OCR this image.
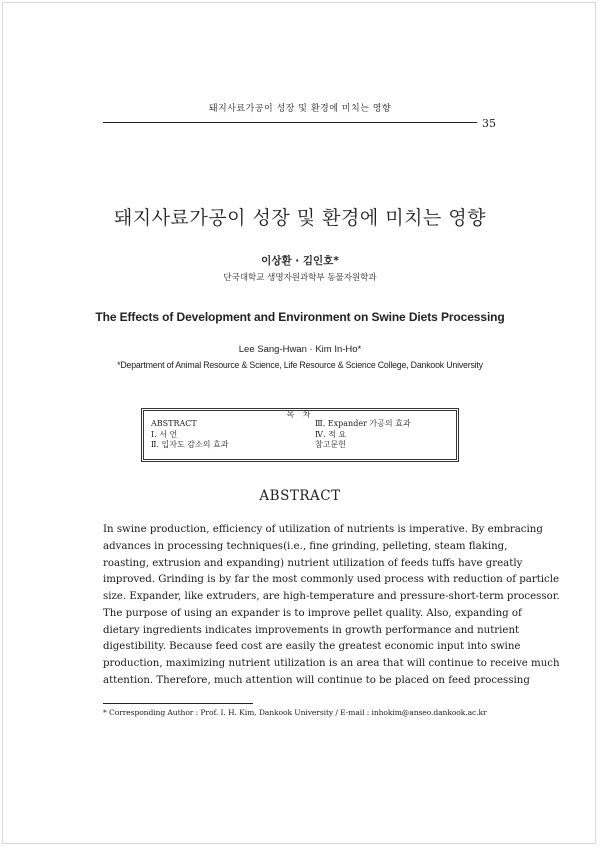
돼지사료가공이 성장 및 환경에 미치는 영향
35
돼지사료가공이 성장 및 환경에 미치는 영향
이상환 · 김인호*
단국대학교 생명자원과학부 동물자원학과
The Effects of Development and Environment on Swine Diets Processing
Lee Sang-Hwan · Kim In-Ho*
*Department of Animal Resource & Science, Life Resource & Science College, Dankook University
목 차
ABSTRACT
Ⅰ. 서 언
Ⅱ. 입자도 감소의 효과
Ⅲ. Expander 가공의 효과
Ⅳ. 적 요
참고문헌
ABSTRACT
In swine production, efficiency of utilization of nutrients is imperative. By embracing
advances in processing techniques(i.e., fine grinding, pelleting, steam flaking,
roasting, extrusion and expanding) nutrient utilization of feeds tuffs have greatly
improved. Grinding is by far the most commonly used process with reduction of particle
size. Expander, like extruders, are high-temperature and pressure-short-term processor.
The purpose of using an expander is to improve pellet quality. Also, expanding of
dietary ingredients indicates improvements in growth performance and nutrient
digestibility. Because feed cost are easily the greatest economic input into swine
production, maximizing nutrient utilization is an area that will continue to receive much
attention. Therefore, much attention will continue to be placed on feed processing
* Corresponding Author : Prof. I. H. Kim, Dankook University / E-mail : inhokim@anseo.dankook.ac.kr
